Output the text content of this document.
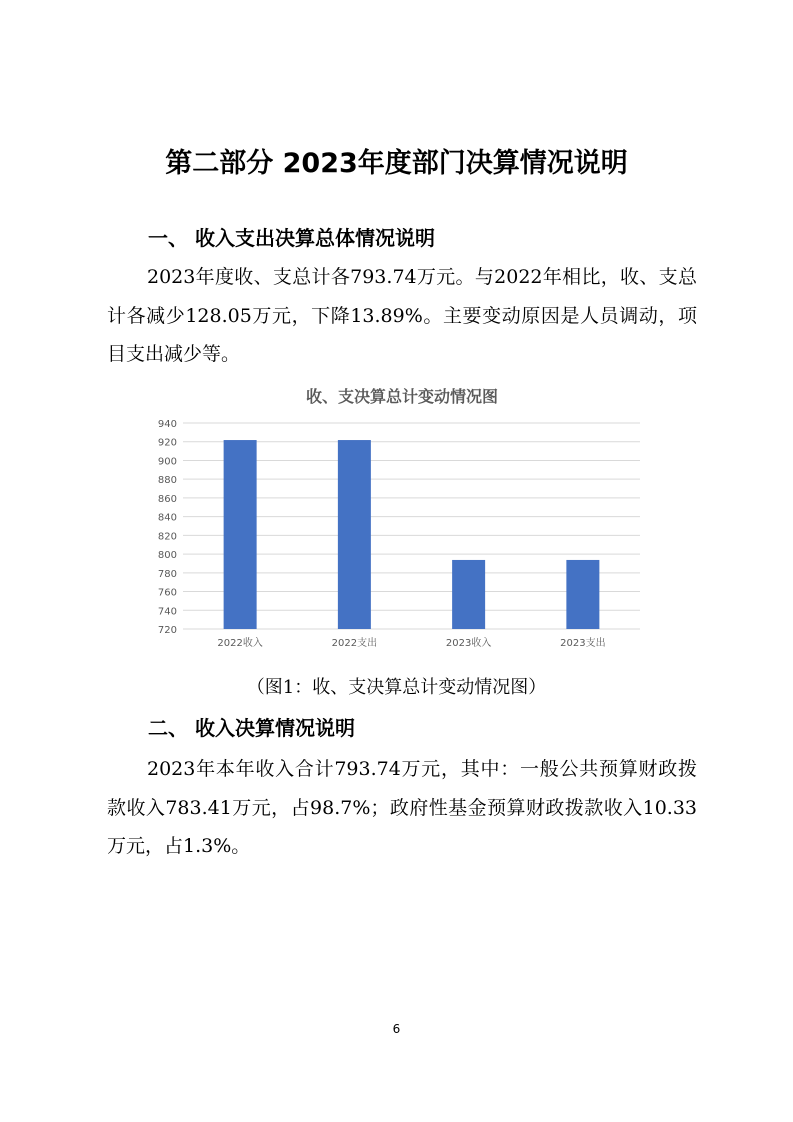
第二部分 2023年度部门决算情况说明
一、 收入支出决算总体情况说明

2023年度收、支总计各793.74万元。与2022年相比，收、支总计各减少128.05万元，下降13.89%。主要变动原因是人员调动，项目支出减少等。

收、支决算总计变动情况图
720
740
760
780
800
820
840
860
880
900
920
940
2022收入	2022支出	2023收入	2023支出

（图1：收、支决算总计变动情况图）

二、 收入决算情况说明

2023年本年收入合计793.74万元，其中：一般公共预算财政拨款收入783.41万元，占98.7%；政府性基金预算财政拨款收入10.33万元，占1.3%。

6
